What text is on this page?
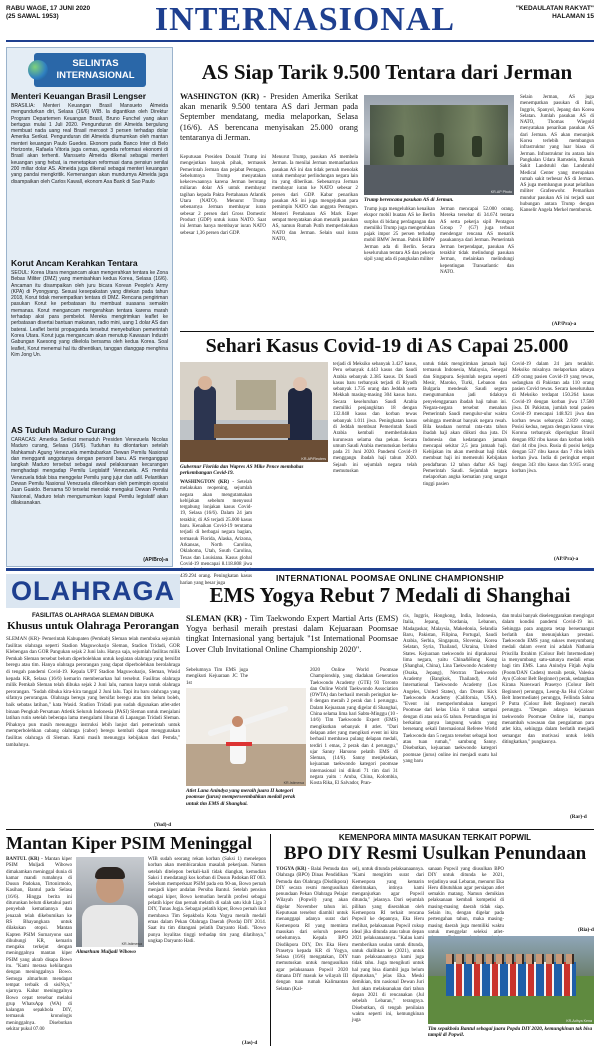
RABU WAGE, 17 JUNI 2020
(25 SAWAL 1953)	INTERNASIONAL	"KEDAULATAN RAKYAT"
HALAMAN 15
SELINTAS INTERNASIONAL
Menteri Keuangan Brasil Lengser
BRASILIA: Menteri Keuangan Brasil Mansueto Almeida mengundurkan diri, Selasa (16/6) WIB. Ia digantikan oleh Direktur Program Departemen Keuangan Brasil, Bruno Funchel yang akan bertugas mulai 1 Juli 2020. Pengunduran diri Almeida bergulung membuat nada uang real Brasil merosot 3 persen terhadap dolar Amerika Serikat. Pengunduran diri Almeida diumumkan oleh mantan menteri keuangan Paulo Guedes. Ekonom pada Banco Inter di Belo Horizonte, Rafaela Vitoria juga cemas, agenda reformasi ekonomi di Brasil akan terhenti. Mansueto Almeida dikenal sebagai menteri keuangan yang hebat, ia menetapkan reformasi dana pensiun senilai 200 miliar dolar AS. Almeida juga dikenal sebagai menteri keuangan yang pandai mengkritik. Kemenangan akan mundurnya Almeida juga disampaikan oleh Carlos Kawall, ekonom Asa Bank di Sao Paulo
Korut Ancam Kerahkan Tentara
SEOUL: Korea Utara mengancam akan mengerahkan tentara ke Zona Bebas Militer (DMZ) yang memisahkan kedua Korea, Selasa (16/6). Ancaman itu disampaikan oleh juru bicara Korean People's Army (KPA) di Pyongyang. Sesuai kesepakatan yang ditekan pada tahun 2018, Korut tidak menempatkan tentara di DMZ. Rencana pengiriman pasukan Korut ke perbatasan itu membuat suasana semakin memanas. Korut mengancam mengerahkan tentara karena marah terhadap aksi para pembelot. Mereka mengirimkan leaflet ke perbatasan disertai bantuan makanan, radio mini, uang 1 dolar AS dan baterai. Leaflet berisi propaganda tersebut menyebutkan pemerintah Korea Utara. Korut juga mengancam akan menutup Kawasan Industri Gabungan Kaesong yang dikelola bersama oleh kedua Korea. Soal leaflet, Korut menemui hal itu dihentikan, tanggan dianggap menghina Kim Jong Un.
AS Tuduh Maduro Curang
CARACAS: Amerika Serikat menuduh Presiden Venezuela Nicolas Maduro curang, Selasa (16/6). Tuduhan itu dilontarkan setelah Mahkamah Agung Venezuela membubarkan Dewan Pemilu Nasional dan mengganti anggotanya dengan personil baru. AS menganggap langkah Maduro tersebut sebagai awal pelaksanaan kecurangan menghadapi mengadap Pemilu Legislatif Venezuela. AS menilai Venezuela tidak bisa menggelar Pemilu yang jujur dan adil. Pelantikan Dewan Pemilu Nasional Venezuela dilecehkan oleh pemimpin oposisi Juan Guaido. Bersama 50 terselat menolak mengakui Dewan Pemilu Nasional, Maduro telah mengumumkan kapal Pemilu legislatif akan dilaksanakan.
(AP/Bro)-a
AS Siap Tarik 9.500 Tentara dari Jerman
WASHINGTON (KR) - Presiden Amerika Serikat akan menarik 9.500 tentara AS dari Jerman pada September mendatang, media melaporkan, Selasa (16/6). AS berencana menyisakan 25.000 orang tentaranya di Jerman.
Keputusan Presiden Donald Trump ini mengejutkan banyak pihak, termasuk Pemerintah Jerman dan pejabat Pentagon. Sebelumnya Trump menyatakan kekecewaannya karena Jerman berutang miliaran dolar AS untuk membayar tagihan kepada Pakta Pertahanan Atlantik Utara (NATO). Menurut Trump sebenarnya Jerman membayar iuran sebesar 2 persen dari Gross Domestic Product (GDP) untuk iuran NATO. Saat ini Jerman hanya membayar iuran NATO sebesar 1,36 persen dari GDP.
Menurut Trump, pasukan AS membela Jerman. Ia menilai Jerman memanfaatkan pasukan AS ini dan tidak pernah menolak untuk membayar perlindungan negara lain itu yang diberikan. Sebenarnya Jerman membayar iuran ke NATO sebesar 2 persen dari GDP. Kabar penarikan pasukan AS ini juga mengejutkan para pemimpin NATO dan anggota Pentagon. Menteri Pertahanan AS Mark Esper sempat menyatakan akan menarik pasukan AS, namun Rumah Putih memperlakukan NATO dan Jerman. Selain soal iuran NATO,
KR-AP Photo
Trump berencana pasukan AS di Jerman.
Trump juga mengeluhkan kenaikan ekspor mobil buatan AS ke Berlin surplus di bidang perdagangan dan memiliki Trump juga mengerahkan pajak impor 25 persen terhadap mobil BMW Jerman. Pabrik BMW Jerman ada di Berlin. Secara keseluruhan tentara AS dan pekerja sipil yang ada di pangkalan militer
Jerman mencapai 52.000 orang. Mereka tersebar di 34.674 tentara AS serta pekerja sipil Pentagon Group 7 (G7) juga terbuat mendengar rencana AS menarik pasukannya dari Jerman. Pemerintah Jerman berpendapat, pasukan AS terakhir tidak melindungi pasukan Jerman, melainkan melindungi kepentingan Transatlantic dan NATO.
Selain Jerman, AS juga menempatkan pasukan di Itali, Inggris, Spanyol, Jepang dan Korea Selatan. Jumlah pasukan AS di NATO, Thomas Wiegold menyatakan penarikan pasukan AS dari Jerman. AS akan menunjuk Korea terlebih membangun infrastruktur yang luar biasa di Jerman. Infrastruktur itu antara lain Pangkalan Udara Ramstein, Rumah Sakit Landstuhl dan Landstuhl Medical Center yang merupakan rumah sakit terbesar AS di Jerman. AS juga membangun pusat pelatihan militer Grafenwohr. Pemarikan mundur pasukan AS ini terjadi saat hubungan antara Trump dengan Kanselir Angela Merkel memburuk.
(AP/Pra)-a
Sehari Kasus Covid-19 di AS Capai 25.000
KR-AP/Reuters
Gubernur Florida dan Wapres AS Mike Pence membahas perkembangan Covid-19.
WASHINGTON (KR) - Setelah melakukan reopening, sejumlah negara akan mengutamakan kebijakan sebelum menyusul tergabung lonjakan kasus Covid-19, Selasa (16/6). Dalam 24 jam terakhir, di AS terjadi 25.000 kasus baru. Kenaikan Covid-19 terutama terjadi di berbagai negara bagian, termasuk Florida, Alaska, Arizona, Arkansas, North Carolina, Oklahoma, Utah, South Carolina, Texas dan Louisiana. Kasus global Covid-19 mencapai 8.118.808 jiwa 439.294 orang. Peningkatan kasus harian yang besar juga
terjadi di Meksiko sebanyak 3.427 kasus, Peru sebanyak 4.443 kasus dan Saudi Arabia sebanyak 2.385 kasus. Di Saudi kasus baru terbanyak terjadi di Riyadh sebanyak 1.735 orang dan Jeddah serta Mekkah masing-masing 304 kasus baru. Secara keseluruhan Saudi Arabia memiliki penjangkitan 18 dengan 132.048 kasus dan korban tewas sebanyak 1.011 jiwa. Peningkatan kasus di Jeddah membuat Pemerintah Saudi Arabia kembali memberlakukan kurunwan selama dua pekan. Secara umum Saudi Arabia memutuskan berlaku pada 21 Juni 2020. Pandemi Covid-19 menggangu ibadah haji tahun 2020. Sejauh ini sejumlah negara telah memutuskan
untuk tidak mengirimkan jamaah haji termasuk Indonesia, Malaysia, Senegal dan Singapura. Sejumlah negara seperti Mesir, Maroko, Turki, Lebanon dan Bulgaria mendesak Saudi segera mengumumkan jadi tidaknya penyelenggaraan ibadah haji tahun ini. Negara-negara tersebut menahan Pemerintah Saudi mengulur-ulur waktu sehingga membuat banyak negara resah. Bila keadaan normal rata-rata tahun ibadah haji akan diikuti dua juta. Di Indonesia dan kedatangan jamaah mencapai sekitar 2,5 juta jamaah haji. Kebijakan itu akan membuat haji tidak membuat haji ini memenuhi Kebijakan pendaftaran 12 tahun daftar AS bagi Pemerintah Saudi. Sejumlah negara melaporkan angka kematian yang sangat tinggi pasien
Covid-19 dalam 24 jam terakhir. Meksiko misalnya melaporkan adanya 439 orang pasien Covid-19 yang tewas, sedangkan di Pakistan ada 110 orang pasien Covid tewas. Secara keseluruhan di Meksiko terdapat 150.264 kasus Covid-19 dengan korban jiwa 17.580 jiwa. Di Pakistan, jumlah total pasien Covid-19 mencapai 148.921 jiwa dan korban tewas sebanyak 2.839 orang. Posisi kedua, negara dengan kasus virus Korona terbanyak diperingkat Brasil dengan 892 ribu kasus dan korban lebih dari 44 ribu jiwa. Rusia di posisi ketiga dengan 537 ribu kasus dan 7 ribu lebih korban jiwa. India di peringkat empat dengan 343 ribu kasus dan 9.915 orang korban jiwa.
(AP/Pra)-a
OLAHRAGA	INTERNATIONAL POOMSAE ONLINE CHAMPIONSHIP
EMS Yogya Rebut 7 Medali di Shanghai
FASILITAS OLAHRAGA SLEMAN DIBUKA
Khusus untuk Olahraga Perorangan
SLEMAN (KR)- Pemerintah Kabupaten (Pemkab) Sleman telah membuka sejumlah fasilitas olahraga seperti Stadion Maguwoharjo Sleman, Stadion Tridadi, GOR Klebengan dan GOR Pangukan sejak 2 Juni lalu. Hanya saja, sejumlah fasilitas milik Pemkab Sleman tersebut belum diperbolehkan untuk kegiatan olahraga yang bersifat beregu atau tim. Hanya olahraga perorangan yang dapat diperbolehkan berolahraga di tengah pandemi Covid-19. Kepala UPT Stadion Maguwoharjo, Sleman, Wasid kepada KR, Selasa (16/6) kemarin membenarkan hal tersebut. Fasilitas olahraga milik Pemkab Sleman telah dibuka sejak 2 Juni lalu, namun hanya untuk olahraga perorangan. "Sudah dibuka kira-kira tanggal 2 Juni lalu. Tapi itu baru olahraga yang sifatnya perorangan. Olahraga beregu yang bersifat beregu atau tim belum boleh, baik sebatas latihan," kata Wasid. Stadion Tridadi pun sudah digunakan atlet-atlet binaan Pengkab Persatuan Atletik Seluruh Indonesia (PASI) Sleman untuk menjalani latihan rutin setelah beberapa lama mengalami liburan di Lapangan Tridadi Sleman. Pihaknya pun masih menunggu instruksi lebih lanjut dari pemerintah untuk memperbolehkan cabang olahraga (cabor) beregu kembali dapat menggunakan fasilitas olahraga di Sleman. Kami masih menunggu kebijakan dari Pemda," tambahnya.
(Yud)-d
SLEMAN (KR) - Tim Taekwondo Expert Martial Arts (EMS) Yogya berhasil meraih prestasi dalam Kejuaraan Poomsae tingkat Internasional yang bertajuk "1st International Poomsae Lover Club Invitational Online Championship 2020".
Sebelumnya Tim EMS juga mengikuti Kejuaraan JC The 1st
KR-Istimewa
Atlet Lana Anindya yang meraih juara II kategori poomsae (jurus) memperseembahkan medali perak untuk tim EMS di Shanghai.
2020 Online World Poomsae Championship, yang diadakan Generation Taekwondo Academy (GTE) 93 Toronto dan Online World Taekwondo Association (OWTA) dan berhasil meraih peringkat ke-8 dengan meraih 2 perak dan 1 perunggu. Dalam Kejuaraan yang digelar di Shanghai, China selama lima hari Sabtu-Minggu (10 - 14/6) Tim Taekwondo Expert (EMS) mengikutkan sebanyak 8 atlet. "Dari delapan atlet yang mengikuti event ini kita berhasil membawa pulang delapan medali, terdiri 1 emas, 2 perak dan 4 perunggu," ujar Sanny Harsono pelatih EMS di Sleman, (14/6). Sanny menjelaskan, kejuaraan taekwondo kategori poomsae internasional ini diikuti 71 tim dari 31 negara yaitu : Aruba, China, Kolombia, Kosta Rika, El Salvador, Pran-
cis, Inggris, Hongkong, India, Indonesia, Italia, Jepang, Yordania, Lebanon, Madagaskar, Malaysia, Makedonia, Selandia Baru, Pakistan, Filipina, Portugal, Saudi Arabia, Serbia, Singapura, Slovenia, Korea Selatan, Syria, Thailand, Ukraina, United States. Kejuaraan taekwondo ini diprakarsai lima negara, yaitu China&Hong Kong (Shanghai, China), Lina Taekwondo Academy (Osaka, Jepang), Nextrax Taekwondo Academy (Bangkok, Thailand), Avid International Taekwondo Academy (Los Angeles, United States), dan Dream Kick Taekwondo Academy (California, USA). "Event ini memperlombakan kategori Poomsae dari kelas Usia 8 tahun sampai dengan di atas usia 65 tahun. Pertandingan ini berkaitan ganya langsung waktu yang bersenang sekali Internasional Referee World Taekwondo dan 5 negara tersebut sebagai host atau tuan rumah," sambung Sanny. Disebutkan, kejuaraan taekwondo kategori poomsae (jurus) online ini menjadi suatu hal yang baru
dan mulai banyak diselenggarakan mengingat dalam kondisi pandemi Covid-19 ini. Sehingga para anggota tetap bersemangat berlatih dan menunjukkan prestasi. Taekwondo EMS yang sukses menyumbang medali dalam event ini adalah Nathania Priscilla Ibrahim (Colour Belt Intermediate) ia menyumbang satu-satunya medali emas bagi tim EMS. Lana Anindya Fitjah Aqila (Poom/DAN Cadets) meraih perak, Valeska Ayu (Colour Belt Beginner) perak, sedangkan Kirana Nareswari Prasetyo (Colour Belt Beginner) perunggu, Leong-Jia Hui (Colour Belt Intermediate) perunggu, Fellinda Sahna P Putra (Colour Belt Beginner) meraih perunggu. "Dengan adanya kejuaraan taekwondo Poomsae Online ini, mampu menambah wawasan dan pengalaman para atlet kita, sehingga dalam berlatih menjadi semangat dan motivasi untuk lebih ditingkatkan," pungkasnya.
(Rar)-d
Mantan Kiper PSIM Meninggal
BANTUL (KR) - Mantan kiper PSIM Muljadi Wibowo dimakamkan meninggal dunia di kamar mandi rumahnya di Dusun Padokan, Tirtonirmolo, Kasihan, Bantul pada Selasa (16/6). Hingga berita ini diturunkan belum diketahui pasti penyebab kematiannya dan jenazah telah dikebumikan ke RS Bhayangkara untuk dilakukan otopsi. Mantan Kapten PSIM Surnaryono saat dihubungi KR, kemarin mengaku terkejut dengan meninggalnya mantan kiper PSIM yang akrab disapa Bowo itu. "Kami merasa kehilangan dengan meninggalnya Bowo. Semoga almarhum mendapat tempat terbaik di sisiNya," ujarnya. Kabar meninggalnya Bowo cepat tersebar melalui grup WhatsApp (WA) di kalangan sepakbola DIY, termasuk kronologis meninggalnya. Disebutkan sekitar pukul 07.00
KR-Istimewa
Almarhum Muljadi Wibowo
WIB sudah seorang rekan korban (Saksi 1) menelepon korban akan membicarakan masalah pekerjaan. Namun setelah ditelepon berkali-kali tidak diangkat, kemudian Saksi 1 mendatangi kos korban di Dusun Padokan RT 003. Sebelum memperkuat PSIM pada era 90-an, Bowo pernah menjadi kiper andalan Persiba Bantul. Setelah pensiun sebagai kiper, Bowo kemudian beralih profesi sebagai pelatih kiper dan pernah melatih di salah satu klub Liga 3 DIY, Tunas Jogja. Sebagai pelatih kiper, Bowo pernah ikut membawa Tim Sepakbola Kota Yogya meraih medali emas dalam Pekan Olahraga Daerah (Porda) DIY 2014. Saat itu tim ditangani pelatih Daryanto Hadi. "Bowo punya loyalitas tinggi terhadap tim yang dilatihnya," ungkap Daryanto Hadi.
(Jas)-d
KEMENPORA MINTA MASUKAN TERKAIT POPWIL
BPO DIY Resmi Usulkan Penundaan
YOGYA (KR) - Balai Pemuda dan Olahraga (BPO) Dinas Pendidikan Pemuda dan Olahraga (Disdikpora) DIY secara resmi mengusulkan penundaan Pekan Olahraga Pelajar Wilayah (Popwil) yang akan digelar November tahun ini. Keputusan tersebut diambil untuk menanggapi adanya surat dari Kemenpora RI yang meminta masukan dari seluruh peserta sebelumnya. Kepala BPO Disdikpora DIY, Drs Eka Heru Prasetya kepada KR di Yogya, Selasa (16/6) mengatakan, DIY memutuskan untuk mengusulkan agar pelaksanaan Popwil 2020 dimana DIY masuk ke wilayah III dengan tuan rumah Kalimantan Selatan (Kal-
sel), untuk ditunda pelaksanaannya. "Kami mengirim surat dari Kemenpora yang kemarin diterimakan, intinya kami menganjurkan agar Popwil ditunda," jelasnya. Dari sejumlah pilihan yang diserahkan oleh Kemenpora RI terkait rencana Popwil ke depannya, Eka Heru melihat, pelaksanaan Popwil cukup ideal jika ditunda atau tahun depan 2021 pelaksanaannya. "Kalau kami memberikan usulan untuk ditunda, untuk dialihkan ke (2021), untuk tuan pelaksanaannya kami juga tidak tahu. Juga mengikuti untuk hal yang bisa diambil juga belum diputuskan," jelas Eka. Meski demikian, tim nasional Dewan Juri Juri akan melaksanakan dari tahun depan 2021 di rencanakan (Jul sebelah Lebaran," terangnya. Disebutkan, di tengah penilaian waktu seperti ini, kemungkinan juga
sanaan Popwil yang diusulkan BPO DIY untuk ditunda ke 2021, terjadinya usai Lebaran, menurut Eka Heru dibutuhkan agar persiapan atlet semakin matang. Namun demikian pelaksanaan kembali kompetisi di masing-masing daerah tidak siap. Selain itu, dengan digelar pada pertengahan tahun, maka masing-masing daerah juga memiliki waktu untuk menggelar seleksi atlet-	(Ria)-d
KR-Adhya Kena
Tim sepakbola Bantul sebagai juara Popda DIY 2020, kemungkinan tak bisa tampil di Popwil.
